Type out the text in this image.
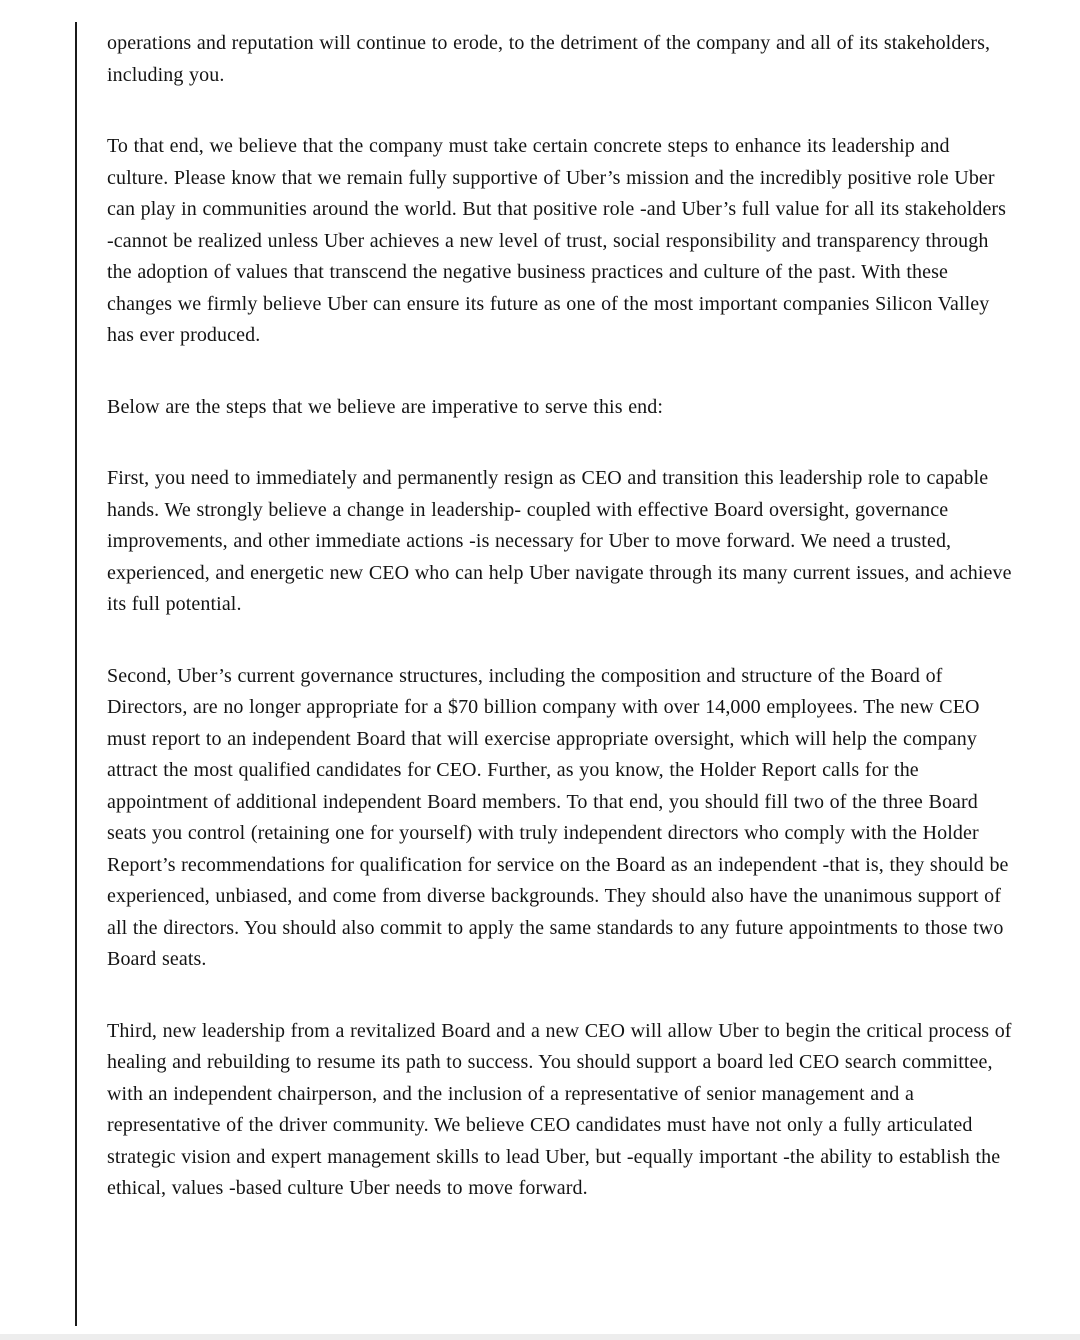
operations and reputation will continue to erode, to the detriment of the company and all of its stakeholders, including you.

To that end, we believe that the company must take certain concrete steps to enhance its leadership and culture. Please know that we remain fully supportive of Uber’s mission and the incredibly positive role Uber can play in communities around the world. But that positive role -and Uber’s full value for all its stakeholders -cannot be realized unless Uber achieves a new level of trust, social responsibility and transparency through the adoption of values that transcend the negative business practices and culture of the past. With these changes we firmly believe Uber can ensure its future as one of the most important companies Silicon Valley has ever produced.

Below are the steps that we believe are imperative to serve this end:

First, you need to immediately and permanently resign as CEO and transition this leadership role to capable hands. We strongly believe a change in leadership- coupled with effective Board oversight, governance improvements, and other immediate actions -is necessary for Uber to move forward. We need a trusted, experienced, and energetic new CEO who can help Uber navigate through its many current issues, and achieve its full potential.

Second, Uber’s current governance structures, including the composition and structure of the Board of Directors, are no longer appropriate for a $70 billion company with over 14,000 employees. The new CEO must report to an independent Board that will exercise appropriate oversight, which will help the company attract the most qualified candidates for CEO. Further, as you know, the Holder Report calls for the appointment of additional independent Board members. To that end, you should fill two of the three Board seats you control (retaining one for yourself) with truly independent directors who comply with the Holder Report’s recommendations for qualification for service on the Board as an independent -that is, they should be experienced, unbiased, and come from diverse backgrounds. They should also have the unanimous support of all the directors. You should also commit to apply the same standards to any future appointments to those two Board seats.

Third, new leadership from a revitalized Board and a new CEO will allow Uber to begin the critical process of healing and rebuilding to resume its path to success. You should support a board led CEO search committee, with an independent chairperson, and the inclusion of a representative of senior management and a representative of the driver community. We believe CEO candidates must have not only a fully articulated strategic vision and expert management skills to lead Uber, but -equally important -the ability to establish the ethical, values -based culture Uber needs to move forward.
